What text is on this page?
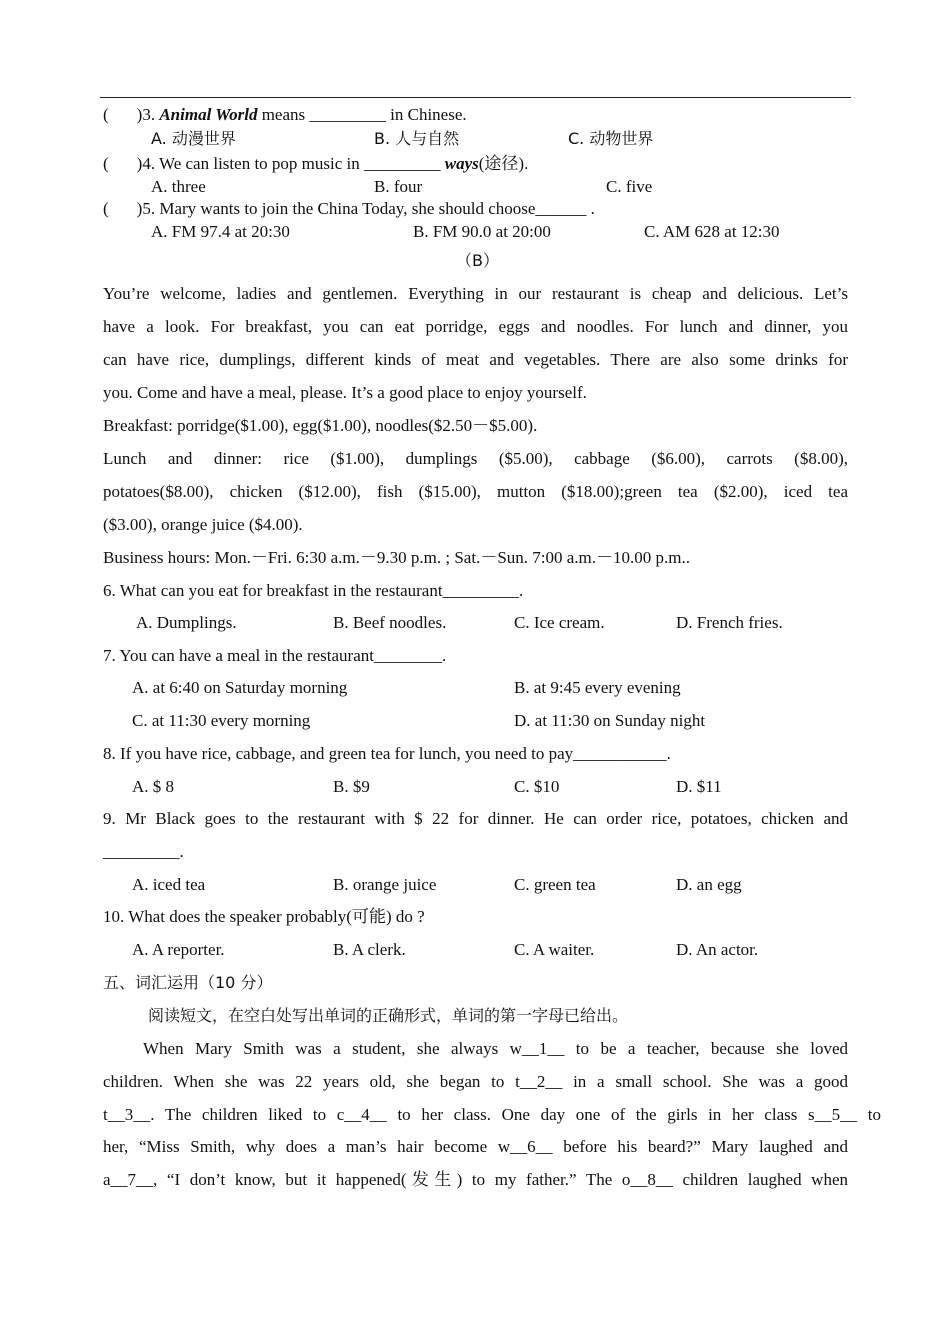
( )3. Animal World means _________ in Chinese.
A. 动漫世界	B. 人与自然	C. 动物世界
( )4. We can listen to pop music in _________ ways(途径).
A. three	B. four	C. five
( )5. Mary wants to join the China Today, she should choose______ .
A. FM 97.4 at 20:30	B. FM 90.0 at 20:00	C. AM 628 at 12:30
（B）
You’re welcome, ladies and gentlemen. Everything in our restaurant is cheap and delicious. Let’s
have a look. For breakfast, you can eat porridge, eggs and noodles. For lunch and dinner, you
can have rice, dumplings, different kinds of meat and vegetables. There are also some drinks for
you. Come and have a meal, please. It’s a good place to enjoy yourself.
Breakfast: porridge($1.00), egg($1.00), noodles($2.50－$5.00).
Lunch and dinner: rice ($1.00), dumplings ($5.00), cabbage ($6.00), carrots ($8.00),
potatoes($8.00), chicken ($12.00), fish ($15.00), mutton ($18.00);green tea ($2.00), iced tea
($3.00), orange juice ($4.00).
Business hours: Mon.－Fri. 6:30 a.m.－9.30 p.m. ; Sat.－Sun. 7:00 a.m.－10.00 p.m..
6. What can you eat for breakfast in the restaurant_________.
A. Dumplings.	B. Beef noodles.	C. Ice cream.	D. French fries.
7. You can have a meal in the restaurant________.
A. at 6:40 on Saturday morning	B. at 9:45 every evening
C. at 11:30 every morning	D. at 11:30 on Sunday night
8. If you have rice, cabbage, and green tea for lunch, you need to pay___________.
A. $ 8	B. $9	C. $10	D. $11
9. Mr Black goes to the restaurant with $ 22 for dinner. He can order rice, potatoes, chicken and
_________.
A. iced tea	B. orange juice	C. green tea	D. an egg
10. What does the speaker probably(可能) do ?
A. A reporter.	B. A clerk.	C. A waiter.	D. An actor.
五、词汇运用（10 分）
阅读短文，在空白处写出单词的正确形式，单词的第一字母已给出。
When Mary Smith was a student, she always w__1__ to be a teacher, because she loved
children. When she was 22 years old, she began to t__2__ in a small school. She was a good
t__3__. The children liked to c__4__ to her class. One day one of the girls in her class s__5__ to
her, “Miss Smith, why does a man’s hair become w__6__ before his beard?” Mary laughed and
a__7__, “I don’t know, but it happened(发生) to my father.” The o__8__ children laughed when
